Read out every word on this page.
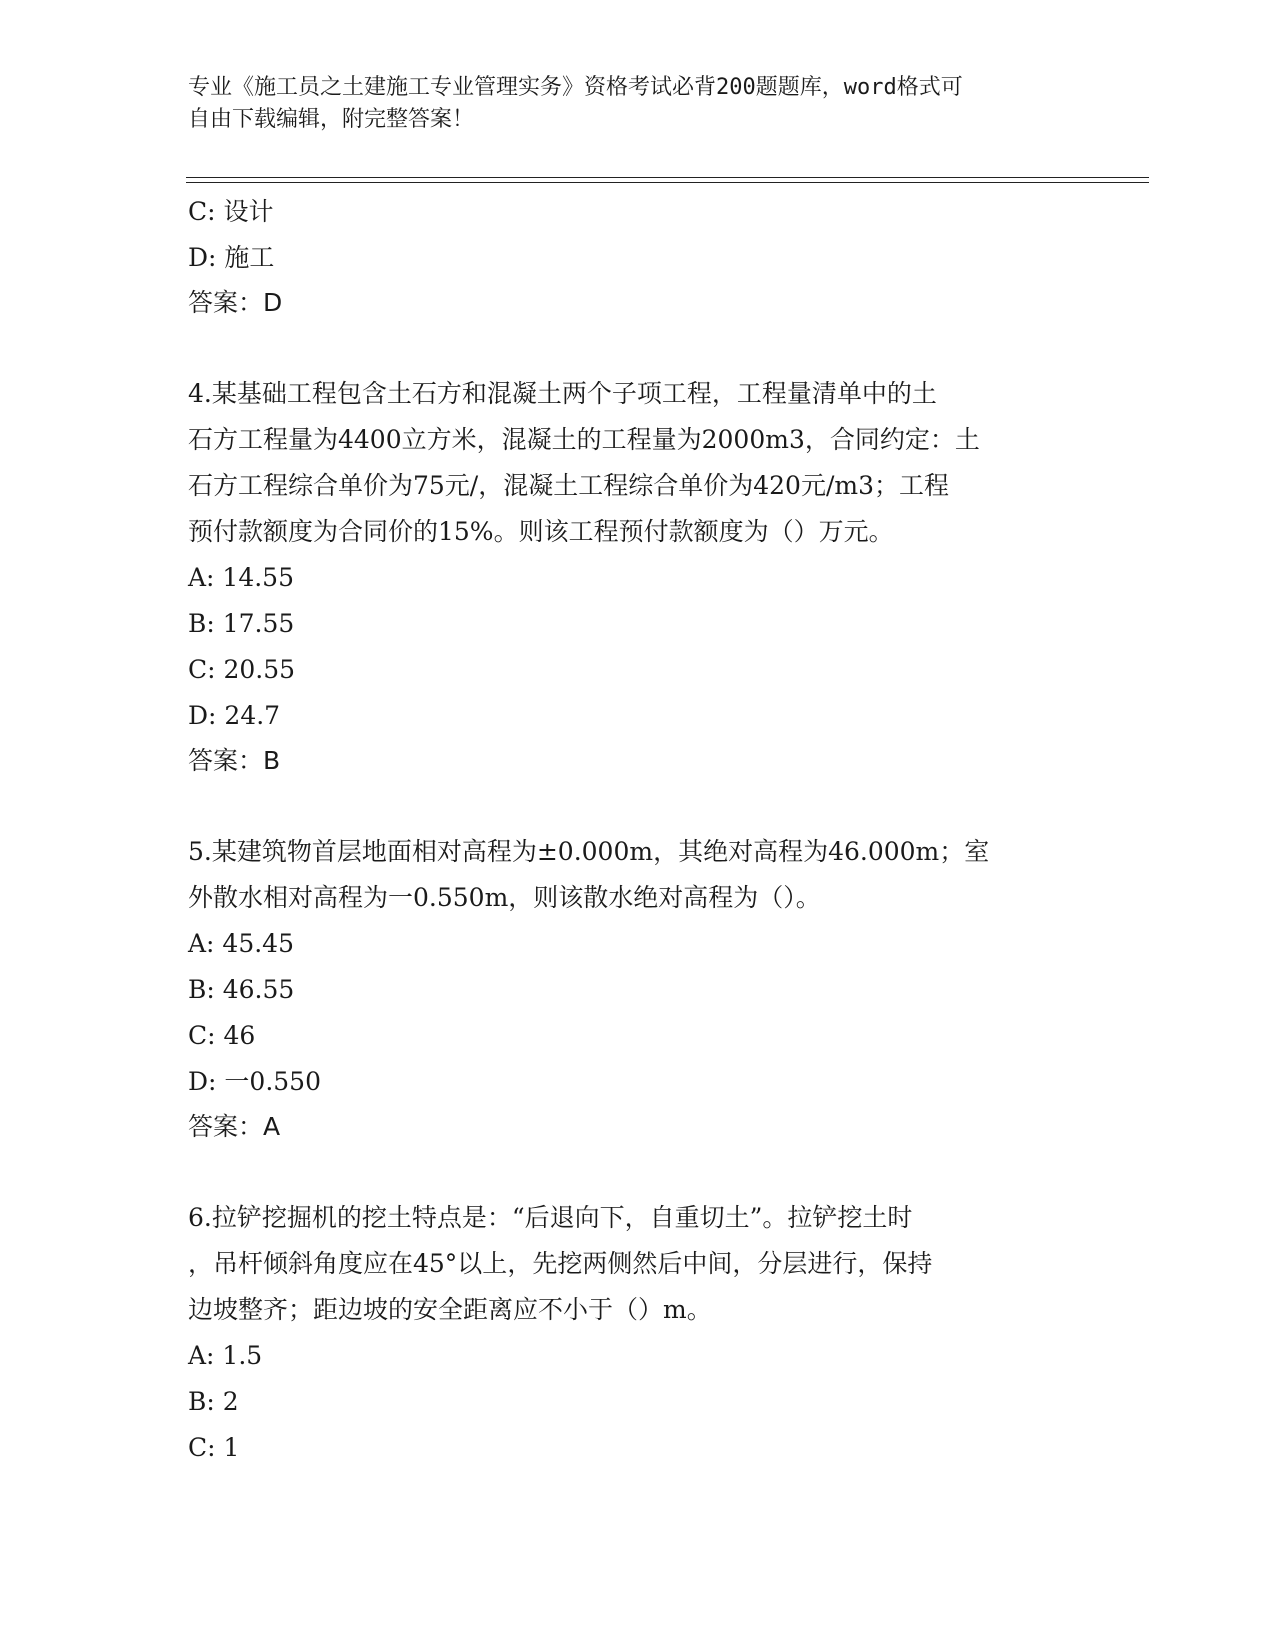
专业《施工员之土建施工专业管理实务》资格考试必背200题题库，word格式可
自由下载编辑，附完整答案！
C: 设计
D: 施工
答案：D
4.某基础工程包含土石方和混凝土两个子项工程，工程量清单中的土
石方工程量为4400立方米，混凝土的工程量为2000m3，合同约定：土
石方工程综合单价为75元/，混凝土工程综合单价为420元/m3；工程
预付款额度为合同价的15%。则该工程预付款额度为（）万元。
A: 14.55
B: 17.55
C: 20.55
D: 24.7
答案：B
5.某建筑物首层地面相对高程为±0.000m，其绝对高程为46.000m；室
外散水相对高程为一0.550m，则该散水绝对高程为（）。
A: 45.45
B: 46.55
C: 46
D: 一0.550
答案：A
6.拉铲挖掘机的挖土特点是：“后退向下，自重切土”。拉铲挖土时
，吊杆倾斜角度应在45°以上，先挖两侧然后中间，分层进行，保持
边坡整齐；距边坡的安全距离应不小于（）m。
A: 1.5
B: 2
C: 1
